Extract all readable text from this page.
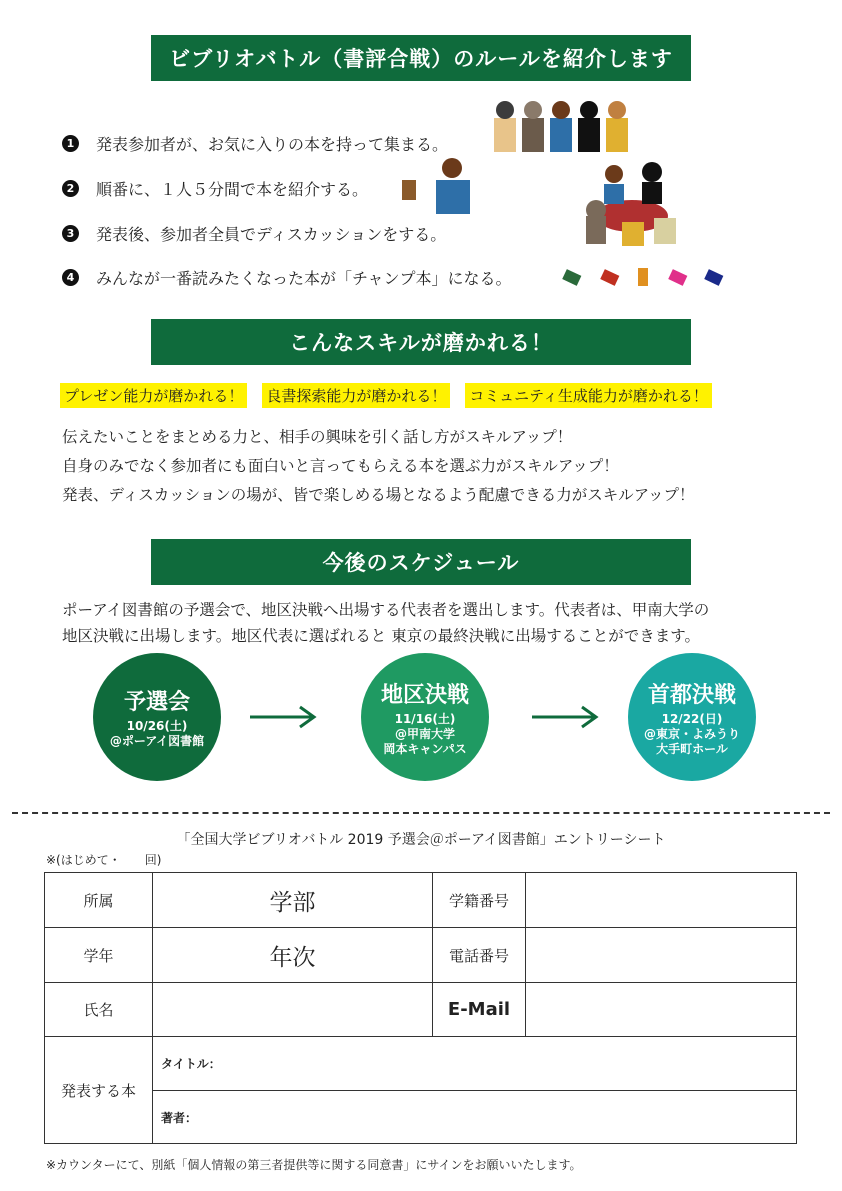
ビブリオバトル（書評合戦）のルールを紹介します
1 発表参加者が、お気に入りの本を持って集まる。
2 順番に、１人５分間で本を紹介する。
3 発表後、参加者全員でディスカッションをする。
4 みんなが一番読みたくなった本が「チャンプ本」になる。
こんなスキルが磨かれる！
プレゼン能力が磨かれる！ 良書探索能力が磨かれる！ コミュニティ生成能力が磨かれる！
伝えたいことをまとめる力と、相手の興味を引く話し方がスキルアップ！
自身のみでなく参加者にも面白いと言ってもらえる本を選ぶ力がスキルアップ！
発表、ディスカッションの場が、皆で楽しめる場となるよう配慮できる力がスキルアップ！
今後のスケジュール
ポーアイ図書館の予選会で、地区決戦へ出場する代表者を選出します。代表者は、甲南大学の
地区決戦に出場します。地区代表に選ばれると 東京の最終決戦に出場することができます。
予選会
10/26(土)
@ポーアイ図書館
地区決戦
11/16(土)
@甲南大学
岡本キャンパス
首都決戦
12/22(日)
@東京・よみうり
大手町ホール
「全国大学ビブリオバトル 2019 予選会＠ポーアイ図書館」エントリーシート
※(はじめて・　　回)
所属	学部	学籍番号	
学年	年次	電話番号	
氏名		E-Mail	
発表する本	タイトル：		
	著者：		
※カウンターにて、別紙「個人情報の第三者提供等に関する同意書」にサインをお願いいたします。
